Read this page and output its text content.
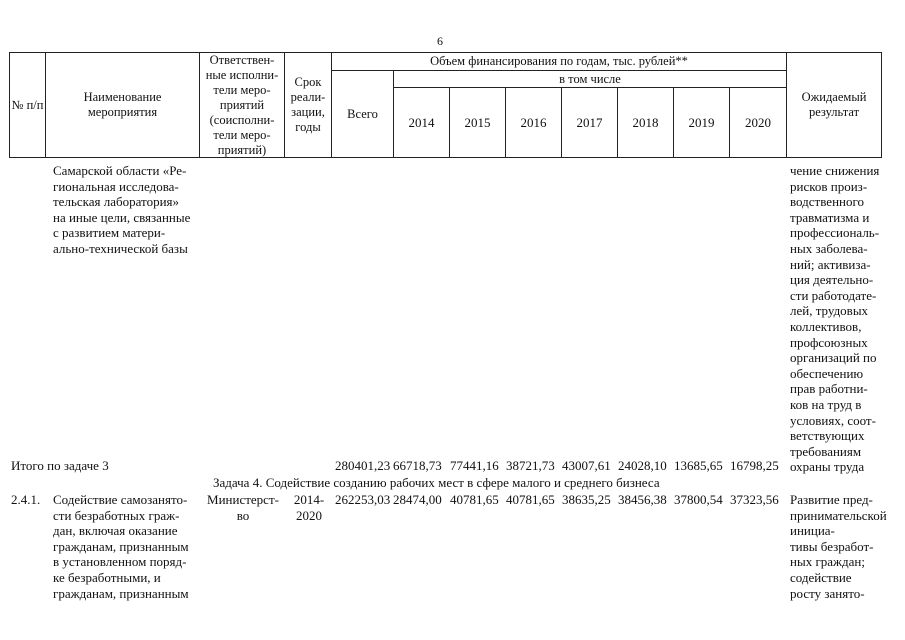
6
№ п/п
Наименование мероприятия
Ответствен-ные исполни-тели меро-приятий (соисполни-тели меро-приятий)
Срок реали-зации, годы
Объем финансирования по годам, тыс. рублей**
Всего
в том числе
2014 2015 2016 2017 2018 2019 2020
Ожидаемый результат
Самарской области «Ре-
гиональная исследова-
тельская лаборатория»
на иные цели, связанные
с развитием матери-
ально-технической базы
чение снижения
рисков произ-
водственного
травматизма и
профессиональ-
ных заболева-
ний; активиза-
ция деятельно-
сти работодате-
лей, трудовых
коллективов,
профсоюзных
организаций по
обеспечению
прав работни-
ков на труд в
условиях, соот-
ветствующих
требованиям
охраны труда
Итого по задаче 3	280401,23 66718,73 77441,16 38721,73 43007,61 24028,10 13685,65 16798,25
Задача 4. Содействие созданию рабочих мест в сфере малого и среднего бизнеса
2.4.1. Содействие самозанято-
сти безработных граж-
дан, включая оказание
гражданам, признанным
в установленном поряд-
ке безработными, и
гражданам, признанным
Министерст-
во
2014-
2020
262253,03 28474,00 40781,65 40781,65 38635,25 38456,38 37800,54 37323,56 Развитие пред-
принимательской инициа-
тивы безработ-
ных граждан;
содействие
росту занято-
